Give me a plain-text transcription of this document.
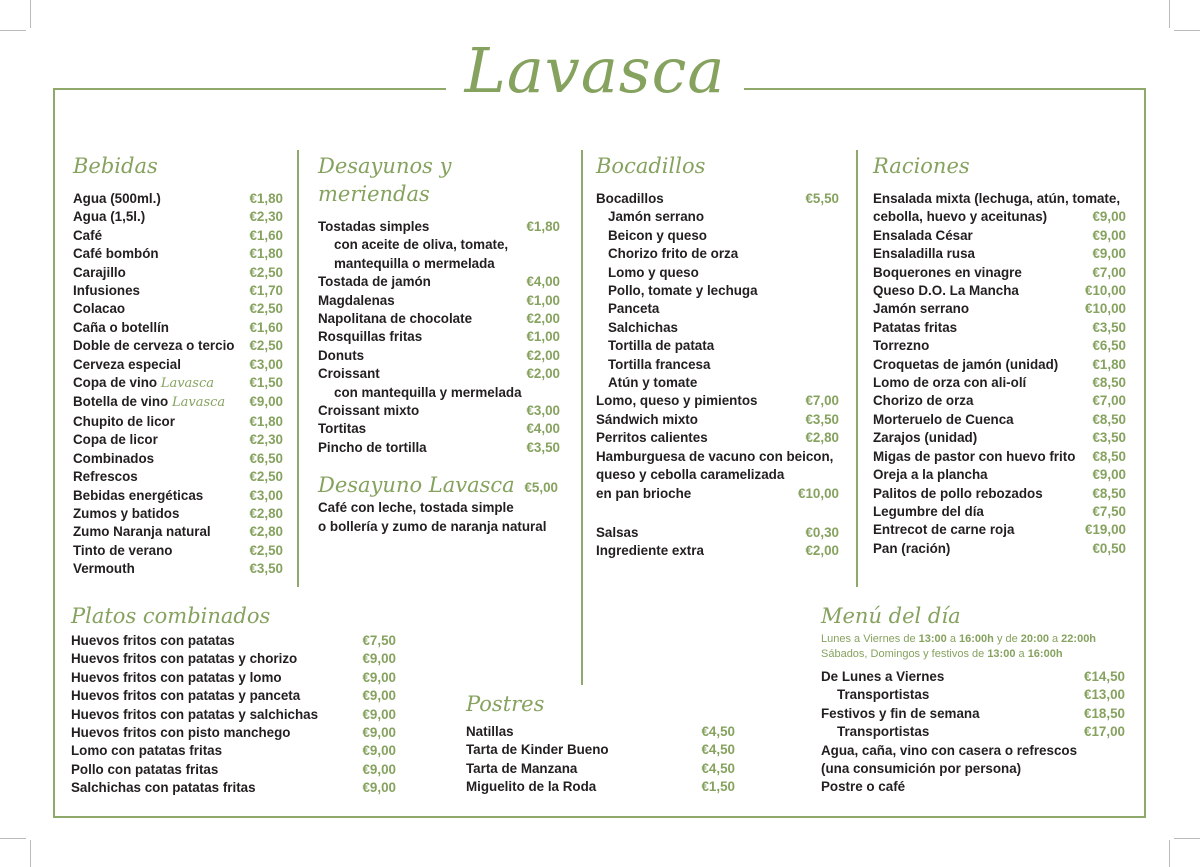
Lavasca
Bebidas
Agua (500ml.)	€1,80
Agua (1,5l.)	€2,30
Café	€1,60
Café bombón	€1,80
Carajillo	€2,50
Infusiones	€1,70
Colacao	€2,50
Caña o botellín	€1,60
Doble de cerveza o tercio	€2,50
Cerveza especial	€3,00
Copa de vino Lavasca	€1,50
Botella de vino Lavasca	€9,00
Chupito de licor	€1,80
Copa de licor	€2,30
Combinados	€6,50
Refrescos	€2,50
Bebidas energéticas	€3,00
Zumos y batidos	€2,80
Zumo Naranja natural	€2,80
Tinto de verano	€2,50
Vermouth	€3,50
Desayunos y meriendas
Tostadas simples	€1,80
con aceite de oliva, tomate,
mantequilla o mermelada
Tostada de jamón	€4,00
Magdalenas	€1,00
Napolitana de chocolate	€2,00
Rosquillas fritas	€1,00
Donuts	€2,00
Croissant	€2,00
con mantequilla y mermelada
Croissant mixto	€3,00
Tortitas	€4,00
Pincho de tortilla	€3,50
Desayuno Lavasca €5,00
Café con leche, tostada simple
o bollería y zumo de naranja natural
Bocadillos
Bocadillos	€5,50
Jamón serrano
Beicon y queso
Chorizo frito de orza
Lomo y queso
Pollo, tomate y lechuga
Panceta
Salchichas
Tortilla de patata
Tortilla francesa
Atún y tomate
Lomo, queso y pimientos	€7,00
Sándwich mixto	€3,50
Perritos calientes	€2,80
Hamburguesa de vacuno con beicon,
queso y cebolla caramelizada
en pan brioche	€10,00
Salsas	€0,30
Ingrediente extra	€2,00
Raciones
Ensalada mixta (lechuga, atún, tomate,
cebolla, huevo y aceitunas)	€9,00
Ensalada César	€9,00
Ensaladilla rusa	€9,00
Boquerones en vinagre	€7,00
Queso D.O. La Mancha	€10,00
Jamón serrano	€10,00
Patatas fritas	€3,50
Torrezno	€6,50
Croquetas de jamón (unidad)	€1,80
Lomo de orza con ali-olí	€8,50
Chorizo de orza	€7,00
Morteruelo de Cuenca	€8,50
Zarajos (unidad)	€3,50
Migas de pastor con huevo frito	€8,50
Oreja a la plancha	€9,00
Palitos de pollo rebozados	€8,50
Legumbre del día	€7,50
Entrecot de carne roja	€19,00
Pan (ración)	€0,50
Platos combinados
Huevos fritos con patatas	€7,50
Huevos fritos con patatas y chorizo	€9,00
Huevos fritos con patatas y lomo	€9,00
Huevos fritos con patatas y panceta	€9,00
Huevos fritos con patatas y salchichas	€9,00
Huevos fritos con pisto manchego	€9,00
Lomo con patatas fritas	€9,00
Pollo con patatas fritas	€9,00
Salchichas con patatas fritas	€9,00
Postres
Natillas	€4,50
Tarta de Kinder Bueno	€4,50
Tarta de Manzana	€4,50
Miguelito de la Roda	€1,50
Menú del día
Lunes a Viernes de 13:00 a 16:00h y de 20:00 a 22:00h
Sábados, Domingos y festivos de 13:00 a 16:00h
De Lunes a Viernes	€14,50
Transportistas	€13,00
Festivos y fin de semana	€18,50
Transportistas	€17,00
Agua, caña, vino con casera o refrescos
(una consumición por persona)
Postre o café
